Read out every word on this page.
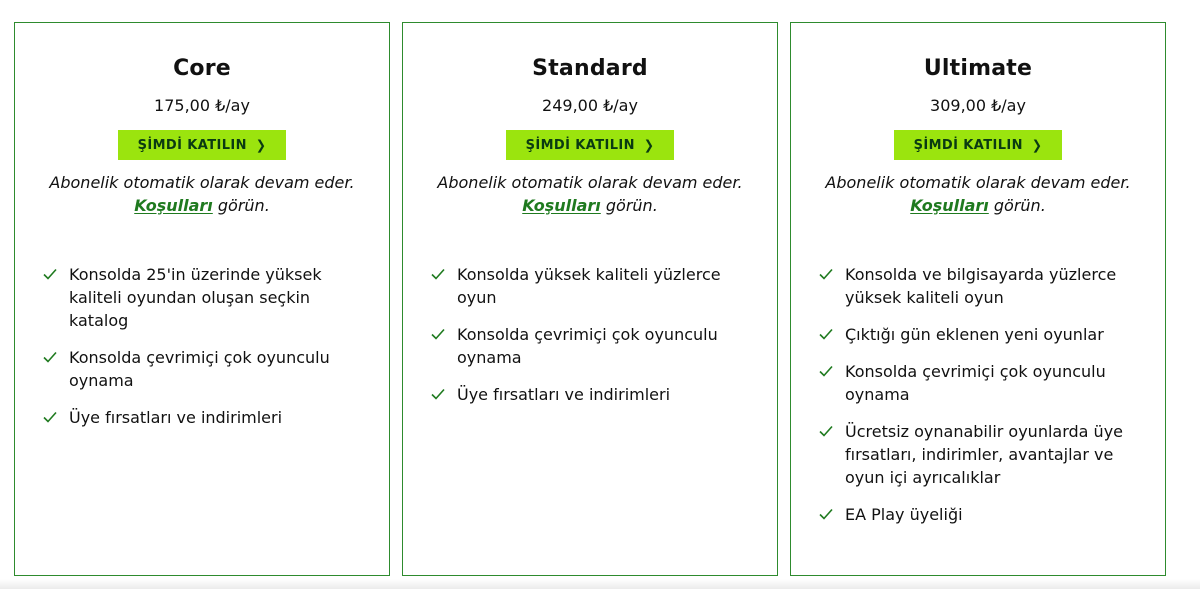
Core
175,00 ₺/ay
ŞİMDİ KATILIN ❯
Abonelik otomatik olarak devam eder.
Koşulları görün.
Konsolda 25'in üzerinde yüksek kaliteli oyundan oluşan seçkin katalog
Konsolda çevrimiçi çok oyunculu oynama
Üye fırsatları ve indirimleri
Standard
249,00 ₺/ay
ŞİMDİ KATILIN ❯
Abonelik otomatik olarak devam eder.
Koşulları görün.
Konsolda yüksek kaliteli yüzlerce oyun
Konsolda çevrimiçi çok oyunculu oynama
Üye fırsatları ve indirimleri
Ultimate
309,00 ₺/ay
ŞİMDİ KATILIN ❯
Abonelik otomatik olarak devam eder.
Koşulları görün.
Konsolda ve bilgisayarda yüzlerce yüksek kaliteli oyun
Çıktığı gün eklenen yeni oyunlar
Konsolda çevrimiçi çok oyunculu oynama
Ücretsiz oynanabilir oyunlarda üye fırsatları, indirimler, avantajlar ve oyun içi ayrıcalıklar
EA Play üyeliği
